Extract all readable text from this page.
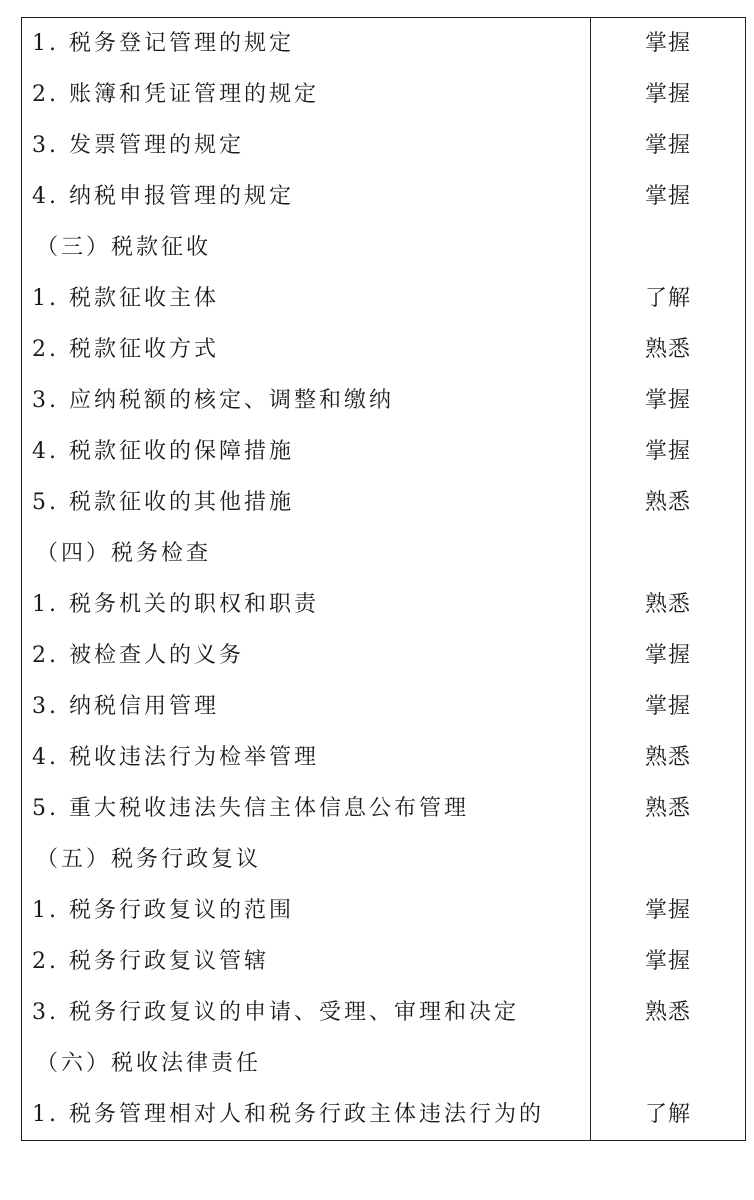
1. 税务登记管理的规定	掌握
2. 账簿和凭证管理的规定	掌握
3. 发票管理的规定	掌握
4. 纳税申报管理的规定	掌握
（三）税款征收	
1. 税款征收主体	了解
2. 税款征收方式	熟悉
3. 应纳税额的核定、调整和缴纳	掌握
4. 税款征收的保障措施	掌握
5. 税款征收的其他措施	熟悉
（四）税务检查	
1. 税务机关的职权和职责	熟悉
2. 被检查人的义务	掌握
3. 纳税信用管理	掌握
4. 税收违法行为检举管理	熟悉
5. 重大税收违法失信主体信息公布管理	熟悉
（五）税务行政复议	
1. 税务行政复议的范围	掌握
2. 税务行政复议管辖	掌握
3. 税务行政复议的申请、受理、审理和决定	熟悉
（六）税收法律责任	
1. 税务管理相对人和税务行政主体违法行为的	了解
